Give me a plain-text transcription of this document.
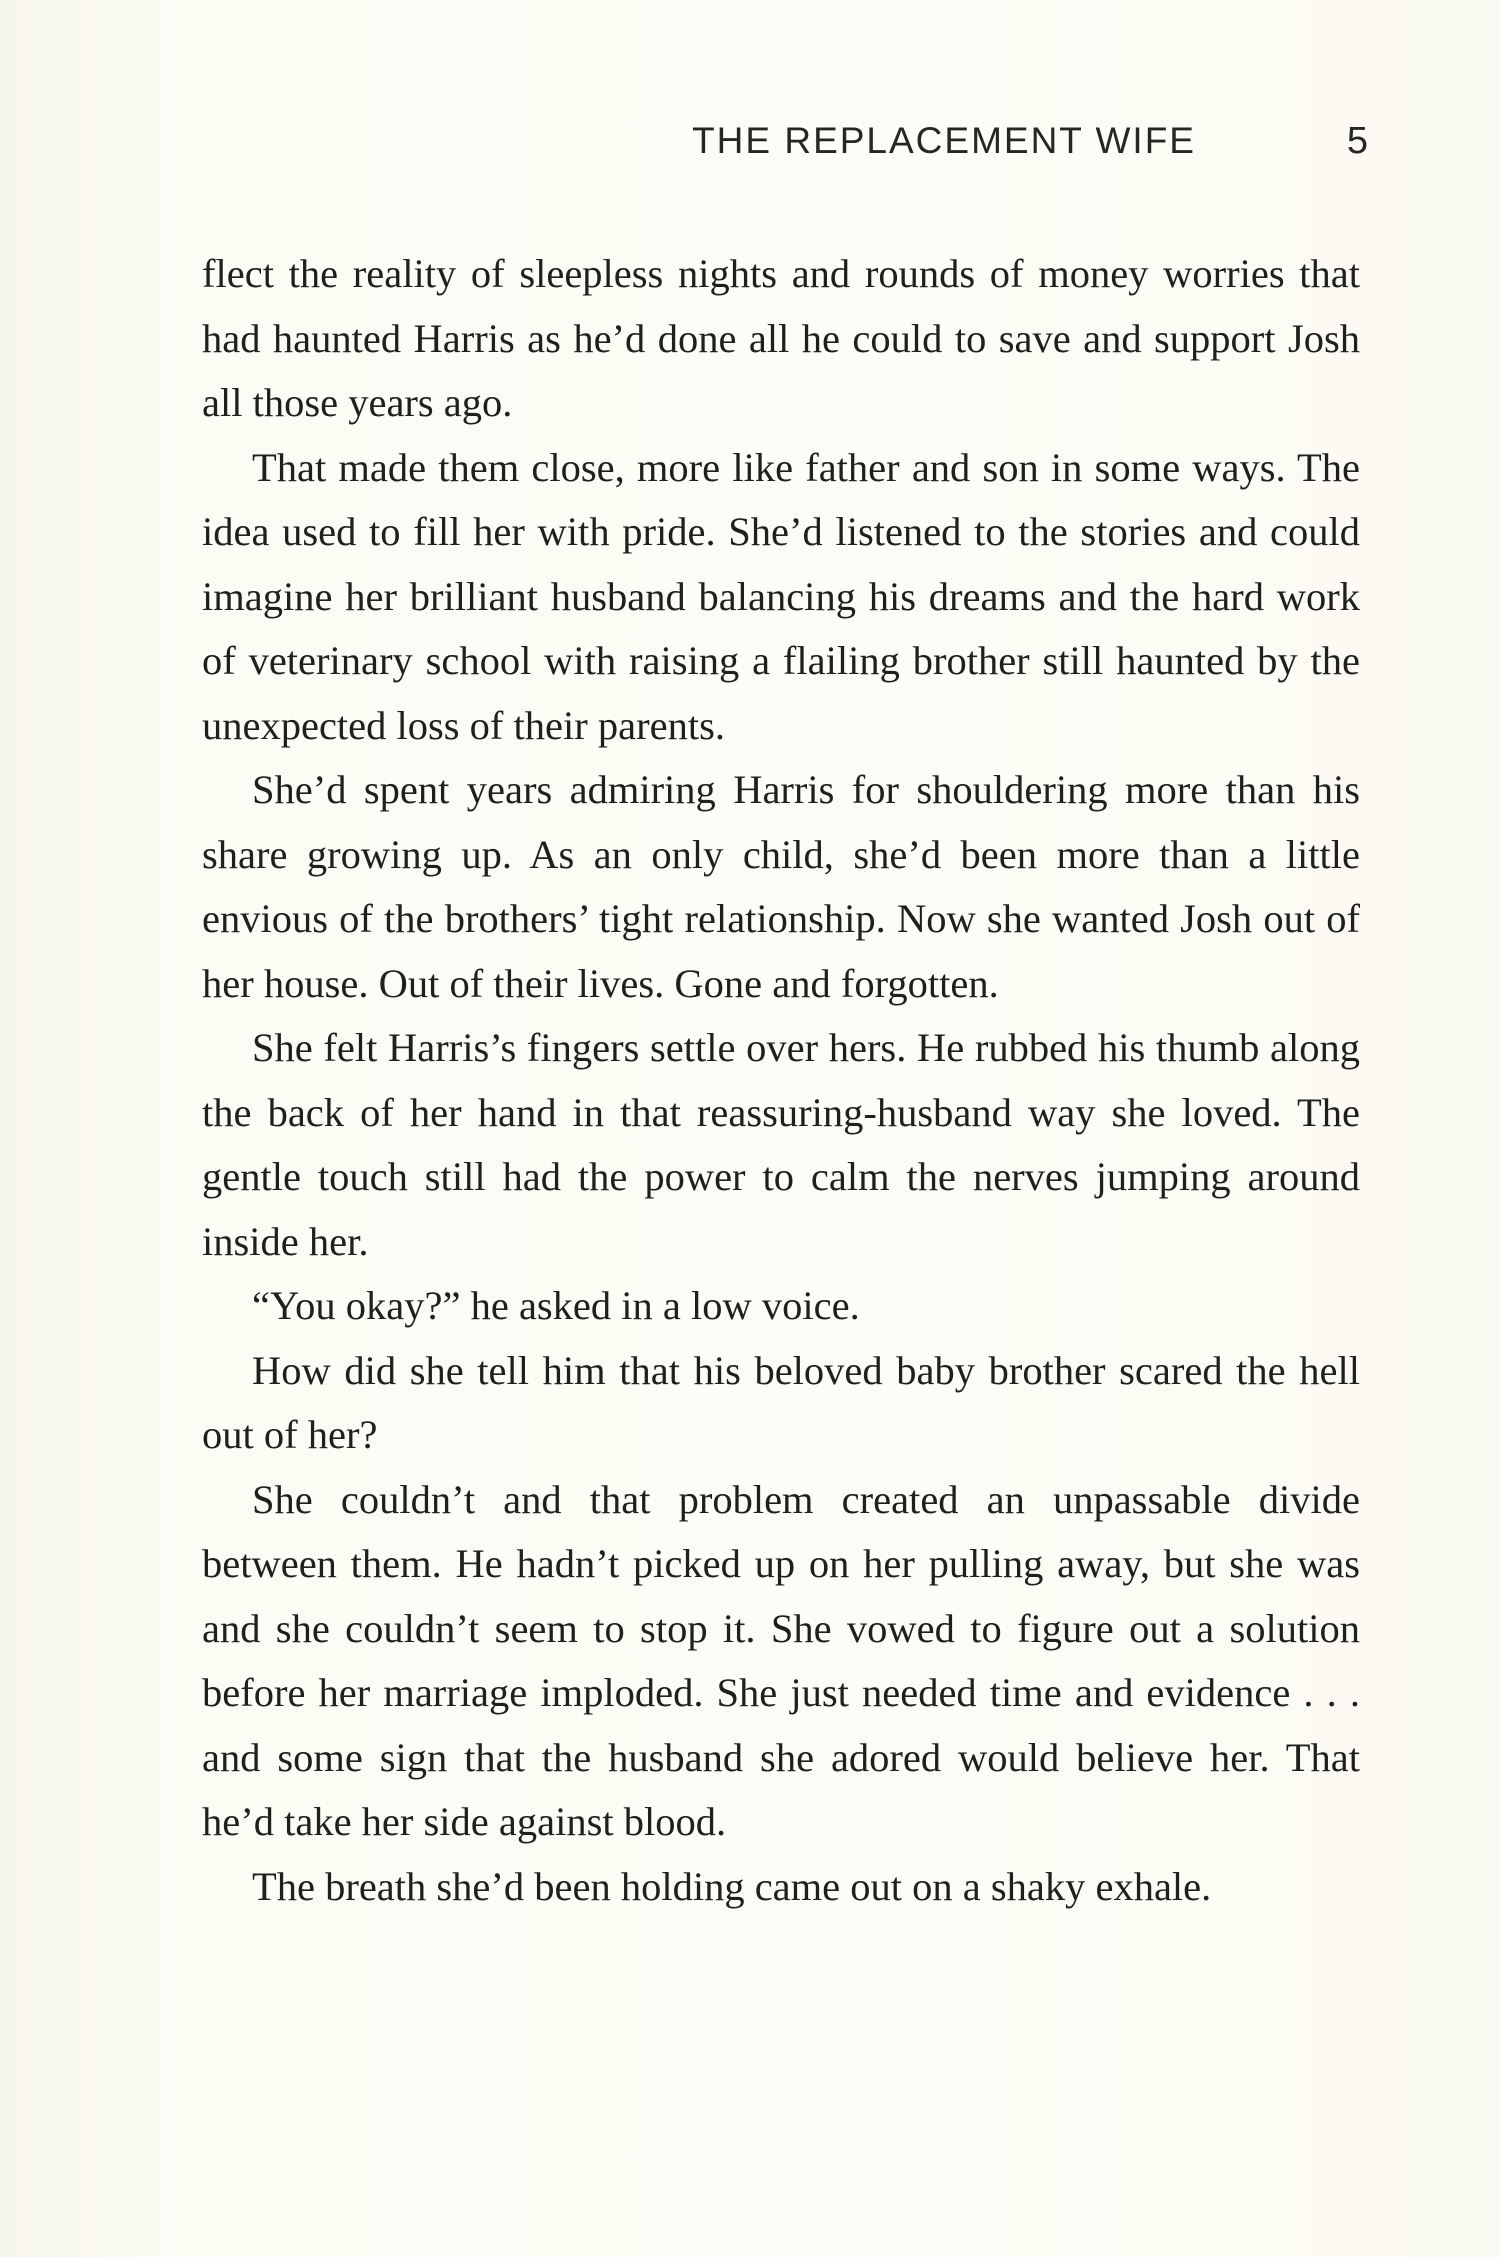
THE REPLACEMENT WIFE	5

flect the reality of sleepless nights and rounds of money worries that had haunted Harris as he’d done all he could to save and support Josh all those years ago.

That made them close, more like father and son in some ways. The idea used to fill her with pride. She’d listened to the stories and could imagine her brilliant husband balancing his dreams and the hard work of veterinary school with raising a flailing brother still haunted by the unexpected loss of their parents.

She’d spent years admiring Harris for shouldering more than his share growing up. As an only child, she’d been more than a little envious of the brothers’ tight relationship. Now she wanted Josh out of her house. Out of their lives. Gone and forgotten.

She felt Harris’s fingers settle over hers. He rubbed his thumb along the back of her hand in that reassuring-husband way she loved. The gentle touch still had the power to calm the nerves jumping around inside her.

“You okay?” he asked in a low voice.

How did she tell him that his beloved baby brother scared the hell out of her?

She couldn’t and that problem created an unpassable divide between them. He hadn’t picked up on her pulling away, but she was and she couldn’t seem to stop it. She vowed to figure out a solution before her marriage imploded. She just needed time and evidence . . . and some sign that the husband she adored would believe her. That he’d take her side against blood.

The breath she’d been holding came out on a shaky exhale.
